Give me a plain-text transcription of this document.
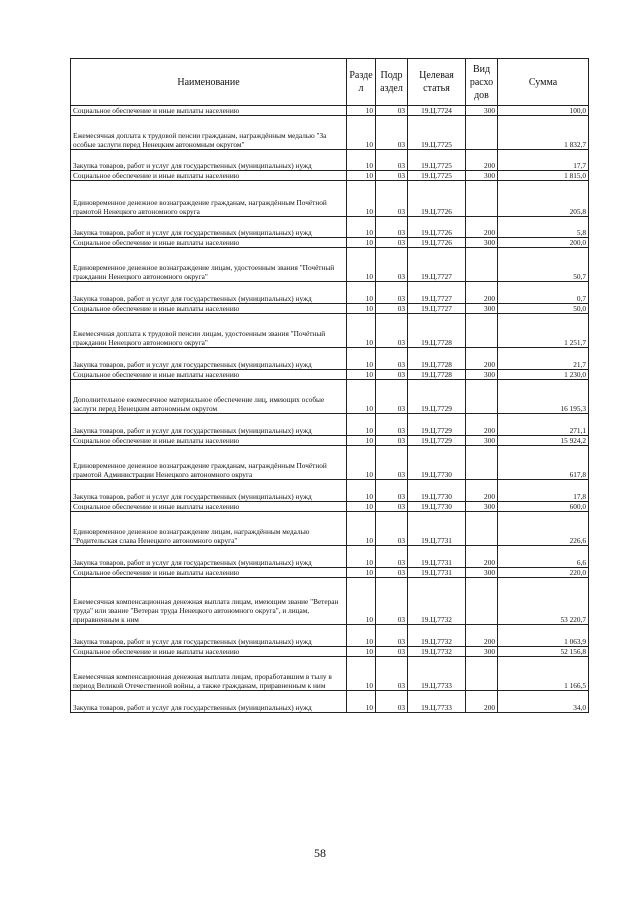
Наименование	Разде л	Подр аздел	Целевая статья	Вид расхо дов	Сумма
Социальное обеспечение и иные выплаты населению	10	03	19.Ц.7724	300	100,0
Ежемесячная доплата к трудовой пенсии гражданам, награждённым медалью "За особые заслуги перед Ненецким автономным округом"	10	03	19.Ц.7725		1 832,7
Закупка товаров, работ и услуг для государственных (муниципальных) нужд	10	03	19.Ц.7725	200	17,7
Социальное обеспечение и иные выплаты населению	10	03	19.Ц.7725	300	1 815,0
Единовременное денежное вознаграждение гражданам, награждённым Почётной грамотой Ненецкого автономного округа	10	03	19.Ц.7726		205,8
Закупка товаров, работ и услуг для государственных (муниципальных) нужд	10	03	19.Ц.7726	200	5,8
Социальное обеспечение и иные выплаты населению	10	03	19.Ц.7726	300	200,0
Единовременное денежное вознаграждение лицам, удостоенным звания "Почётный гражданин Ненецкого автономного округа"	10	03	19.Ц.7727		50,7
Закупка товаров, работ и услуг для государственных (муниципальных) нужд	10	03	19.Ц.7727	200	0,7
Социальное обеспечение и иные выплаты населению	10	03	19.Ц.7727	300	50,0
Ежемесячная доплата к трудовой пенсии лицам, удостоенным звания "Почётный гражданин Ненецкого автономного округа"	10	03	19.Ц.7728		1 251,7
Закупка товаров, работ и услуг для государственных (муниципальных) нужд	10	03	19.Ц.7728	200	21,7
Социальное обеспечение и иные выплаты населению	10	03	19.Ц.7728	300	1 230,0
Дополнительное ежемесячное материальное обеспечение лиц, имеющих особые заслуги перед Ненецким автономным округом	10	03	19.Ц.7729		16 195,3
Закупка товаров, работ и услуг для государственных (муниципальных) нужд	10	03	19.Ц.7729	200	271,1
Социальное обеспечение и иные выплаты населению	10	03	19.Ц.7729	300	15 924,2
Единовременное денежное вознаграждение гражданам, награждённым Почётной грамотой Администрации Ненецкого автономного округа	10	03	19.Ц.7730		617,8
Закупка товаров, работ и услуг для государственных (муниципальных) нужд	10	03	19.Ц.7730	200	17,8
Социальное обеспечение и иные выплаты населению	10	03	19.Ц.7730	300	600,0
Единовременное денежное вознаграждение лицам, награждённым медалью "Родительская слава Ненецкого автономного округа"	10	03	19.Ц.7731		226,6
Закупка товаров, работ и услуг для государственных (муниципальных) нужд	10	03	19.Ц.7731	200	6,6
Социальное обеспечение и иные выплаты населению	10	03	19.Ц.7731	300	220,0
Ежемесячная компенсационная денежная выплата лицам, имеющим звание "Ветеран труда" или звание "Ветеран труда Ненецкого автономного округа", и лицам, приравненным к ним	10	03	19.Ц.7732		53 220,7
Закупка товаров, работ и услуг для государственных (муниципальных) нужд	10	03	19.Ц.7732	200	1 063,9
Социальное обеспечение и иные выплаты населению	10	03	19.Ц.7732	300	52 156,8
Ежемесячная компенсационная денежная выплата лицам, проработавшим в тылу в период Великой Отечественной войны, а также гражданам, приравненным к ним	10	03	19.Ц.7733		1 166,5
Закупка товаров, работ и услуг для государственных (муниципальных) нужд	10	03	19.Ц.7733	200	34,0
58
